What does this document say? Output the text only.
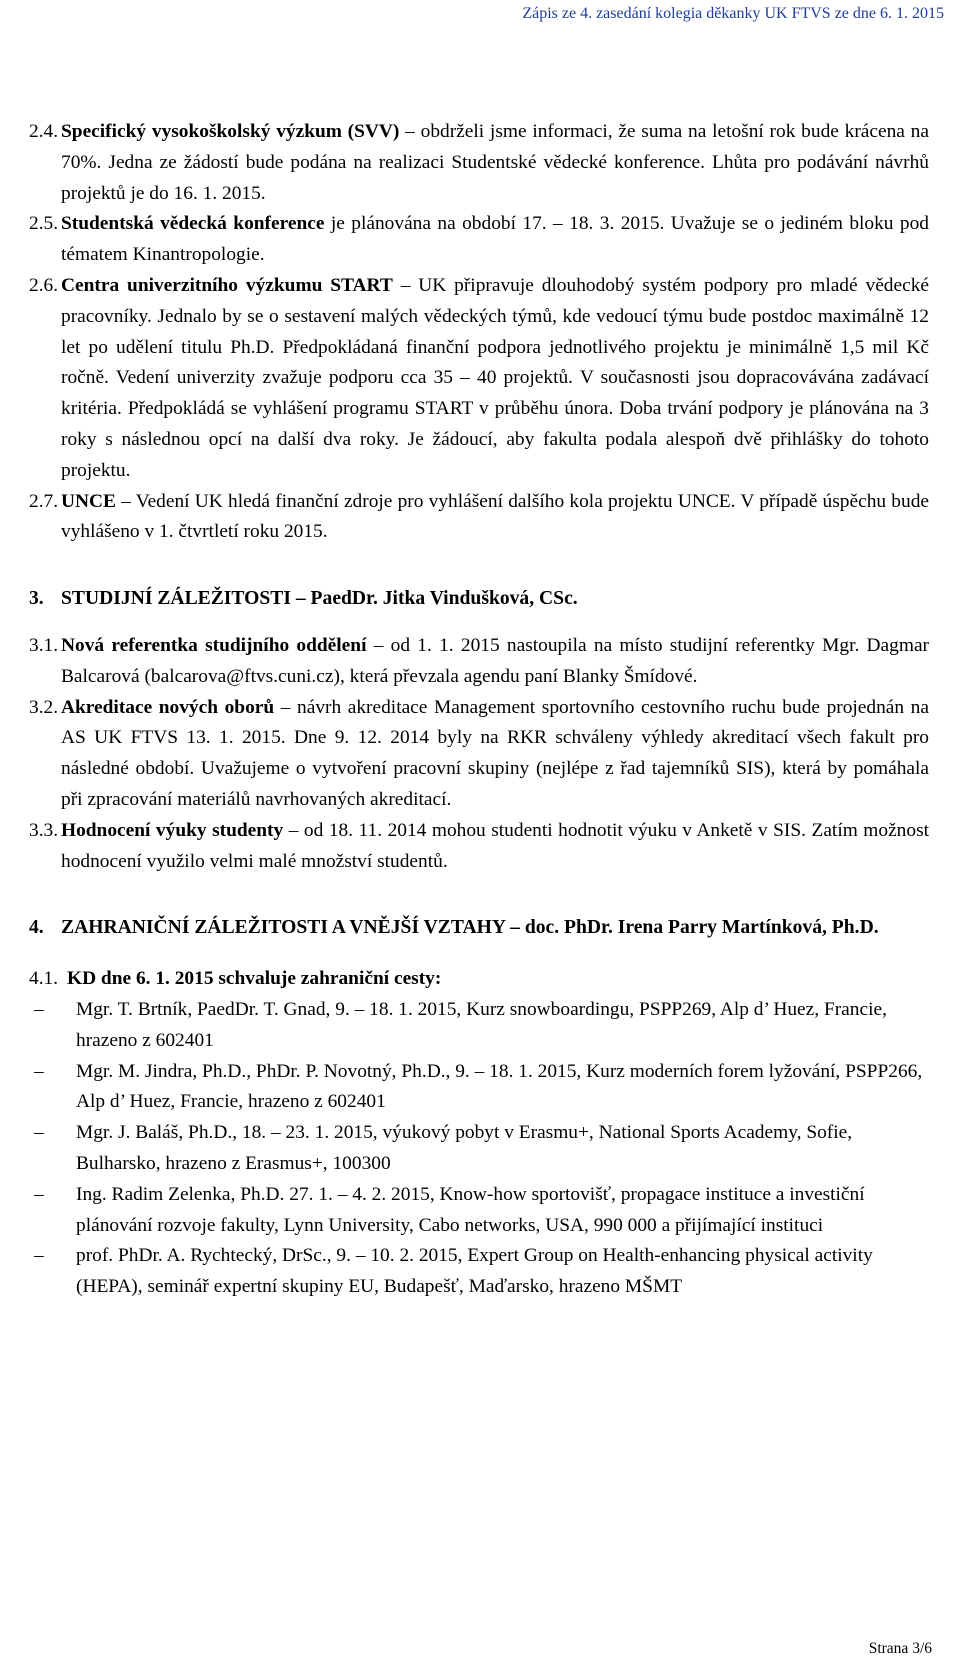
Zápis ze 4. zasedání kolegia děkanky UK FTVS ze dne 6. 1. 2015
2.4. Specifický vysokoškolský výzkum (SVV) – obdrželi jsme informaci, že suma na letošní rok bude krácena na 70%. Jedna ze žádostí bude podána na realizaci Studentské vědecké konference. Lhůta pro podávání návrhů projektů je do 16. 1. 2015.
2.5. Studentská vědecká konference je plánována na období 17. – 18. 3. 2015. Uvažuje se o jediném bloku pod tématem Kinantropologie.
2.6. Centra univerzitního výzkumu START – UK připravuje dlouhodobý systém podpory pro mladé vědecké pracovníky. Jednalo by se o sestavení malých vědeckých týmů, kde vedoucí týmu bude postdoc maximálně 12 let po udělení titulu Ph.D. Předpokládaná finanční podpora jednotlivého projektu je minimálně 1,5 mil Kč ročně. Vedení univerzity zvažuje podporu cca 35 – 40 projektů. V současnosti jsou dopracovávána zadávací kritéria. Předpokládá se vyhlášení programu START v průběhu února. Doba trvání podpory je plánována na 3 roky s následnou opcí na další dva roky. Je žádoucí, aby fakulta podala alespoň dvě přihlášky do tohoto projektu.
2.7. UNCE – Vedení UK hledá finanční zdroje pro vyhlášení dalšího kola projektu UNCE. V případě úspěchu bude vyhlášeno v 1. čtvrtletí roku 2015.
3. STUDIJNÍ ZÁLEŽITOSTI – PaedDr. Jitka Vindušková, CSc.
3.1. Nová referentka studijního oddělení – od 1. 1. 2015 nastoupila na místo studijní referentky Mgr. Dagmar Balcarová (balcarova@ftvs.cuni.cz), která převzala agendu paní Blanky Šmídové.
3.2. Akreditace nových oborů – návrh akreditace Management sportovního cestovního ruchu bude projednán na AS UK FTVS 13. 1. 2015. Dne 9. 12. 2014 byly na RKR schváleny výhledy akreditací všech fakult pro následné období. Uvažujeme o vytvoření pracovní skupiny (nejlépe z řad tajemníků SIS), která by pomáhala při zpracování materiálů navrhovaných akreditací.
3.3. Hodnocení výuky studenty – od 18. 11. 2014 mohou studenti hodnotit výuku v Anketě v SIS. Zatím možnost hodnocení využilo velmi malé množství studentů.
4. ZAHRANIČNÍ ZÁLEŽITOSTI A VNĚJŠÍ VZTAHY – doc. PhDr. Irena Parry Martínková, Ph.D.
4.1. KD dne 6. 1. 2015 schvaluje zahraniční cesty:
– Mgr. T. Brtník, PaedDr. T. Gnad, 9. – 18. 1. 2015, Kurz snowboardingu, PSPP269, Alp d’ Huez, Francie, hrazeno z 602401
– Mgr. M. Jindra, Ph.D., PhDr. P. Novotný, Ph.D., 9. – 18. 1. 2015, Kurz moderních forem lyžování, PSPP266, Alp d’ Huez, Francie, hrazeno z 602401
– Mgr. J. Baláš, Ph.D., 18. – 23. 1. 2015, výukový pobyt v Erasmu+, National Sports Academy, Sofie, Bulharsko, hrazeno z Erasmus+, 100300
– Ing. Radim Zelenka, Ph.D. 27. 1. – 4. 2. 2015, Know-how sportovišť, propagace instituce a investiční plánování rozvoje fakulty, Lynn University, Cabo networks, USA, 990 000 a přijímající instituci
– prof. PhDr. A. Rychtecký, DrSc., 9. – 10. 2. 2015, Expert Group on Health-enhancing physical activity (HEPA), seminář expertní skupiny EU, Budapešť, Maďarsko, hrazeno MŠMT
Strana 3/6
